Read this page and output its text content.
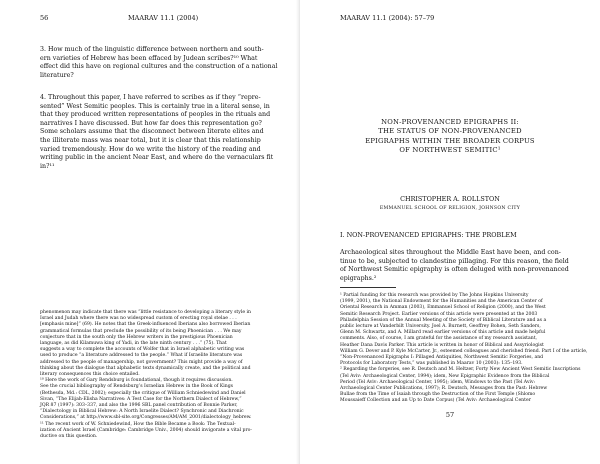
56	MAARAV 11.1 (2004)
3. How much of the linguistic difference between northern and south-
ern varieties of Hebrew has been effaced by Judean scribes?¹⁰ What
effect did this have on regional cultures and the construction of a national
literature?
4. Throughout this paper, I have referred to scribes as if they “repre-
sented” West Semitic peoples. This is certainly true in a literal sense, in
that they produced written representations of peoples in the rituals and
narratives I have discussed. But how far does this representation go?
Some scholars assume that the disconnect between literate elites and
the illiterate mass was near total, but it is clear that this relationship
varied tremendously. How do we write the history of the reading and
writing public in the ancient Near East, and where do the vernaculars fit
in?¹¹
phenomenon may indicate that there was “little resistance to developing a literary style in
Israel and Judah where there was no widespread custom of erecting royal stelae . . .
[emphasis mine]” (69). He notes that the Greek-influenced Iberians also borrowed Iberian
grammatical formulas that preclude the possibility of its being Phoenician . . . We may
conjecture that in the south only the Hebrew writers in the prestigious Phoenician
language, as did Kilamuwa king of Yadi, in the late ninth century . . .” (75). That
suggests a way to complete the accounts of Wolfer that in Israel alphabetic writing was
used to produce “a literature addressed to the people.” What if Israelite literature was
addressed to the people of managership, not government? This might provide a way of
thinking about the dialogue that alphabetic texts dynamically create, and the political and
literary consequences this choice entailed.
¹⁰ Here the work of Gary Rendsburg is foundational, though it requires discussion.
See the crucial bibliography of Rendsburg’s Israelian Hebrew in the Book of Kings
(Bethesda, Md.: CDL, 2002); especially the critique of William Schniedewind and Daniel
Sivan, “The Elijah-Elisha Narratives: A Test Case for the Northern Dialect of Hebrew,”
JQR 87 (1997): 303–337, and also the 1996 SBL panel contribution of Bonnie Parker,
“Dialectology in Biblical Hebrew: A North Israelite Dialect? Synchronic and Diachronic
Considerations,” at http://www.sbl-site.org/Congresses/AM/AM_2001/dialectology_hebrew.
¹¹ The recent work of W. Schniedewind, How the Bible Became a Book: The Textual-
ization of Ancient Israel (Cambridge: Cambridge Univ., 2004) should invigorate a vital pro-
ductive on this question.
MAARAV 11.1 (2004): 57–79
NON-PROVENANCED EPIGRAPHS II:
THE STATUS OF NON-PROVENANCED
EPIGRAPHS WITHIN THE BROADER CORPUS
OF NORTHWEST SEMITIC¹
CHRISTOPHER A. ROLLSTON
EMMANUEL SCHOOL OF RELIGION, JOHNSON CITY
I. NON-PROVENANCED EPIGRAPHS: THE PROBLEM
Archaeological sites throughout the Middle East have been, and con-
tinue to be, subjected to clandestine pillaging. For this reason, the field
of Northwest Semitic epigraphy is often deluged with non-provenanced
epigraphs.²
¹ Partial funding for this research was provided by The Johns Hopkins University
(1999, 2001), the National Endowment for the Humanities and the American Center of
Oriental Research in Amman (2003), Emmanuel School of Religion (2000), and the West
Semitic Research Project. Earlier versions of this article were presented at the 2003
Philadelphia Session of the Annual Meeting of the Society of Biblical Literature and as a
public lecture at Vanderbilt University. Joel A. Burnett, Geoffrey Bohen, Seth Sanders,
Glenn M. Schwartz, and A. Millard read earlier versions of this article and made helpful
comments. Also, of course, I am grateful for the assistance of my research assistant,
Heather Dana Davis Parker. This article is written in honor of Biblical and Assyriologist
William G. Dever and P. Kyle McCarter, Jr., esteemed colleagues and cherished friend. Part I of the article,
“Non-Provenanced Epigraphs I: Pillaged Antiquities, Northwest Semitic Forgeries, and
Protocols for Laboratory Tests,” was published in Maarav 10 (2003): 135–193.
² Regarding the forgeries, see R. Deutsch and M. Heltzer, Forty New Ancient West Semitic Inscriptions
(Tel Aviv: Archaeological Center, 1994); idem, New Epigraphic Evidence from the Biblical
Period (Tel Aviv: Archaeological Center, 1995); idem, Windows to the Past (Tel Aviv:
Archaeological Center Publications, 1997); R. Deutsch, Messages from the Past: Hebrew
Bullae from the Time of Isaiah through the Destruction of the First Temple (Shlomo
Moussaieff Collection and an Up to Date Corpus) (Tel Aviv: Archaeological Center
57
